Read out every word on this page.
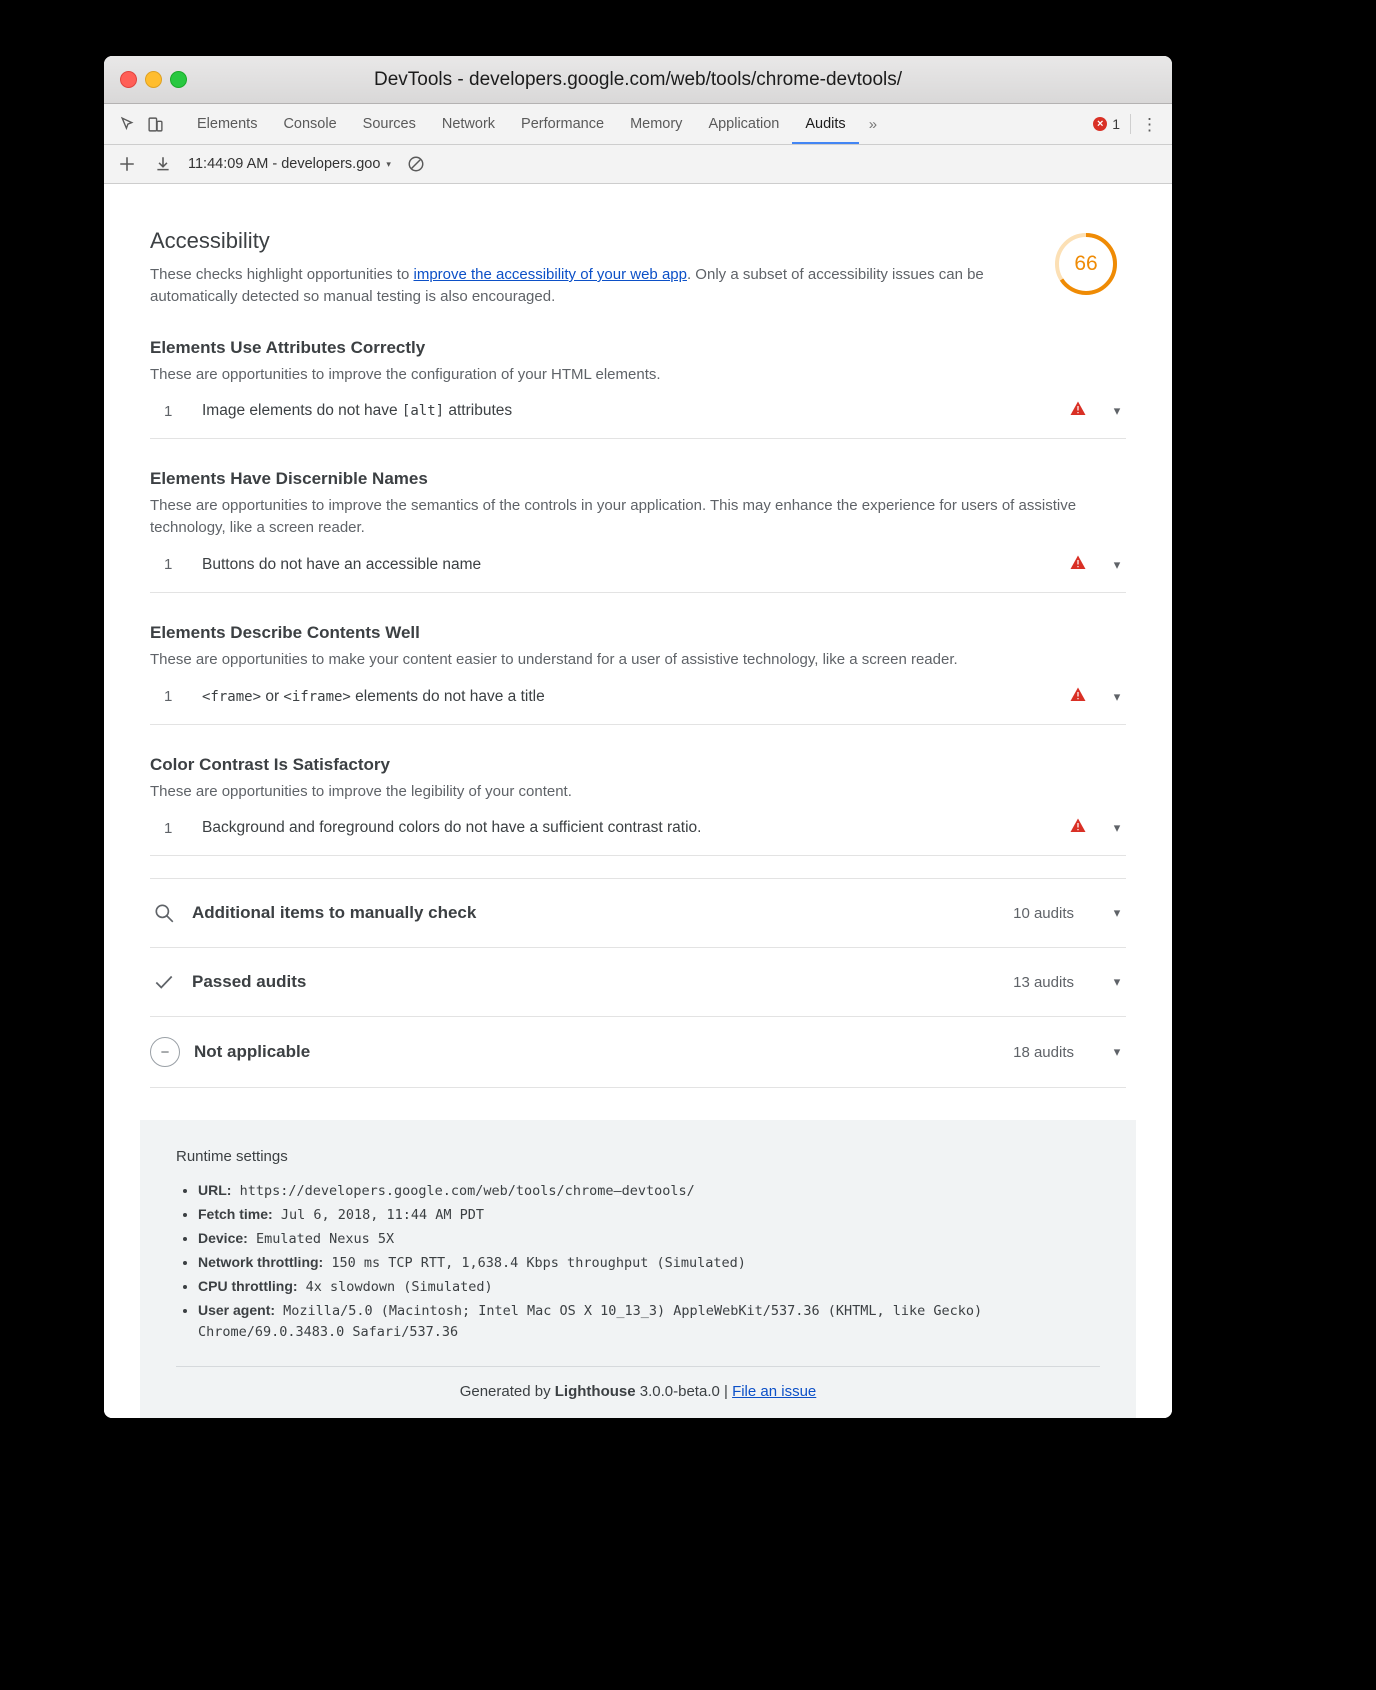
DevTools - developers.google.com/web/tools/chrome-devtools/
Elements	Console	Sources	Network	Performance	Memory	Application	Audits	»	× 1 ⋮
11:44:09 AM - developers.goo ▾
Accessibility
These checks highlight opportunities to improve the accessibility of your web app. Only a subset of accessibility issues can be automatically detected so manual testing is also encouraged.
66
Elements Use Attributes Correctly

These are opportunities to improve the configuration of your HTML elements.

1	Image elements do not have [alt] attributes	▾
Elements Have Discernible Names

These are opportunities to improve the semantics of the controls in your application. This may enhance the experience for users of assistive technology, like a screen reader.

1	Buttons do not have an accessible name	▾
Elements Describe Contents Well

These are opportunities to make your content easier to understand for a user of assistive technology, like a screen reader.

1	<frame> or <iframe> elements do not have a title	▾
Color Contrast Is Satisfactory

These are opportunities to improve the legibility of your content.

1	Background and foreground colors do not have a sufficient contrast ratio.	▾
Additional items to manually check	10 audits	▾
Passed audits	13 audits	▾
−	Not applicable	18 audits	▾
Runtime settings
• URL: https://developers.google.com/web/tools/chrome–devtools/
• Fetch time: Jul 6, 2018, 11:44 AM PDT
• Device: Emulated Nexus 5X
• Network throttling: 150 ms TCP RTT, 1,638.4 Kbps throughput (Simulated)
• CPU throttling: 4x slowdown (Simulated)
• User agent: Mozilla/5.0 (Macintosh; Intel Mac OS X 10_13_3) AppleWebKit/537.36 (KHTML, like Gecko) Chrome/69.0.3483.0 Safari/537.36
Generated by Lighthouse 3.0.0-beta.0 | File an issue
